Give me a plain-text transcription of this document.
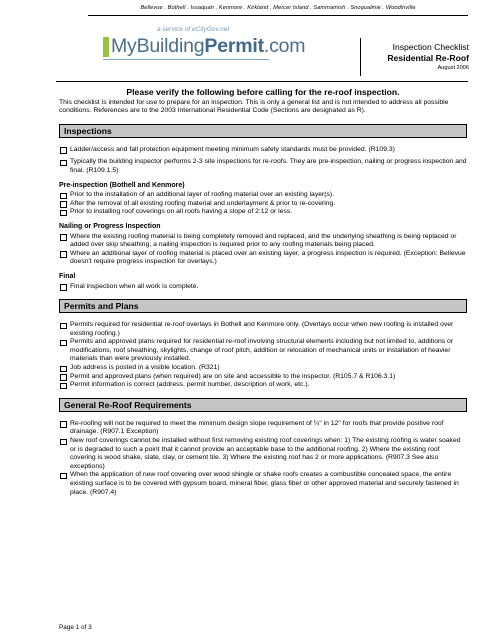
Bellevue . Bothell . Issaquah . Kenmore . Kirkland . Mercer Island . Sammamish . Snoqualmie . Woodinville
a service of eCityGov.net
MyBuildingPermit.com	Inspection Checklist
Residential Re-Roof
August 2006
Please verify the following before calling for the re-roof inspection.

This checklist is intended for use to prepare for an inspection. This is only a general list and is not intended to address all possible conditions. References are to the 2003 International Residential Code (Sections are designated as R).

Inspections
Ladder/access and fall protection equipment meeting minimum safety standards must be provided. (R109.3)
Typically the building inspector performs 2-3 site inspections for re-roofs. They are pre-inspection, nailing or progress inspection and final. (R109.1.5)
Pre-inspection (Bothell and Kenmore)
Prior to the installation of an additional layer of roofing material over an existing layer(s).
After the removal of all existing roofing material and underlayment & prior to re-covering.
Prior to installing roof coverings on all roofs having a slope of 2:12 or less.
Nailing or Progress Inspection
Where the existing roofing material is being completely removed and replaced, and the underlying sheathing is being replaced or added over skip sheathing, a nailing inspection is required prior to any roofing materials being placed.
Where an additional layer of roofing material is placed over an existing layer, a progress inspection is required. (Exception: Bellevue doesn't require progress inspection for overlays.)
Final
Final inspection when all work is complete.
Permits and Plans
Permits required for residential re-roof overlays in Bothell and Kenmore only. (Overlays occur when new roofing is installed over existing roofing.)
Permits and approved plans required for residential re-roof involving structural elements including but not limited to, additions or modifications, roof sheathing, skylights, change of roof pitch, addition or relocation of mechanical units or installation of heavier materials than were previously installed.
Job address is posted in a visible location. (R321)
Permit and approved plans (when required) are on site and accessible to the inspector. (R105.7 & R106.3.1)
Permit information is correct (address, permit number, description of work, etc.).
General Re-Roof Requirements
Re-roofing will not be required to meet the minimum design slope requirement of ¼" in 12" for roofs that provide positive roof drainage. (R907.1 Exception)
New roof coverings cannot be installed without first removing existing roof coverings when: 1) The existing roofing is water soaked or is degraded to such a point that it cannot provide an acceptable base to the additional roofing. 2) Where the existing roof covering is wood shake, slate, clay, or cement tile. 3) Where the existing roof has 2 or more applications. (R907.3 See also exceptions)
When the application of new roof covering over wood shingle or shake roofs creates a combustible concealed space, the entire existing surface is to be covered with gypsum board, mineral fiber, glass fiber or other approved material and securely fastened in place. (R907.4)
Page 1 of 3
